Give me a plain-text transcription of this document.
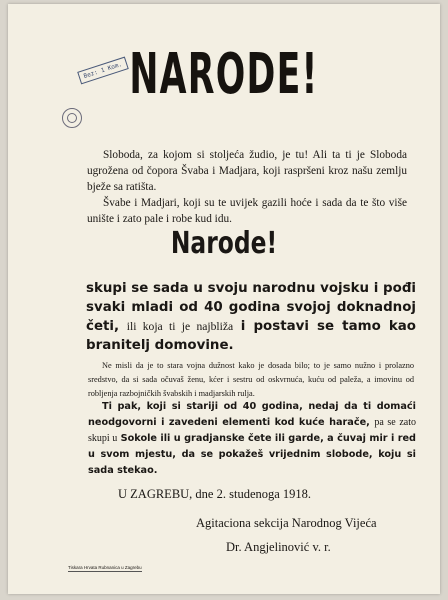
NARODE!
Bez: 1 Kom.
Sloboda, za kojom si stoljeća žudio, je tu! Ali ta ti je Sloboda ugrožena od čopora Švaba i Madjara, koji raspršeni kroz našu zemlju bježe sa ratišta.
Švabe i Madjari, koji su te uvijek gazili hoće i sada da te što više unište i zato pale i robe kud idu.
Narode!
skupi se sada u svoju narodnu vojsku i pođi svaki mladi od 40 godina svojoj doknadnoj četi, ili koja ti je najbliža i postavi se tamo kao branitelj domovine.
Ne misli da je to stara vojna dužnost kako je dosada bilo; to je samo nužno i prolazno sredstvo, da si sada očuvaš ženu, kćer i sestru od oskvrnuća, kuću od paleža, a imovinu od robljenja razbojničkih švabskih i madjarskih rulja.
Ti pak, koji si stariji od 40 godina, nedaj da ti domaći neodgovorni i zavedeni elementi kod kuće harače, pa se zato skupi u Sokole ili u gradjanske čete ili garde, a čuvaj mir i red u svom mjestu, da se pokažeš vrijednim slobode, koju si sada stekao.
U ZAGREBU, dne 2. studenoga 1918.
Agitaciona sekcija Narodnog Vijeća
Dr. Angjelinović v. r.
Tiskara Hrvata Rubnanica u Zagrebu
